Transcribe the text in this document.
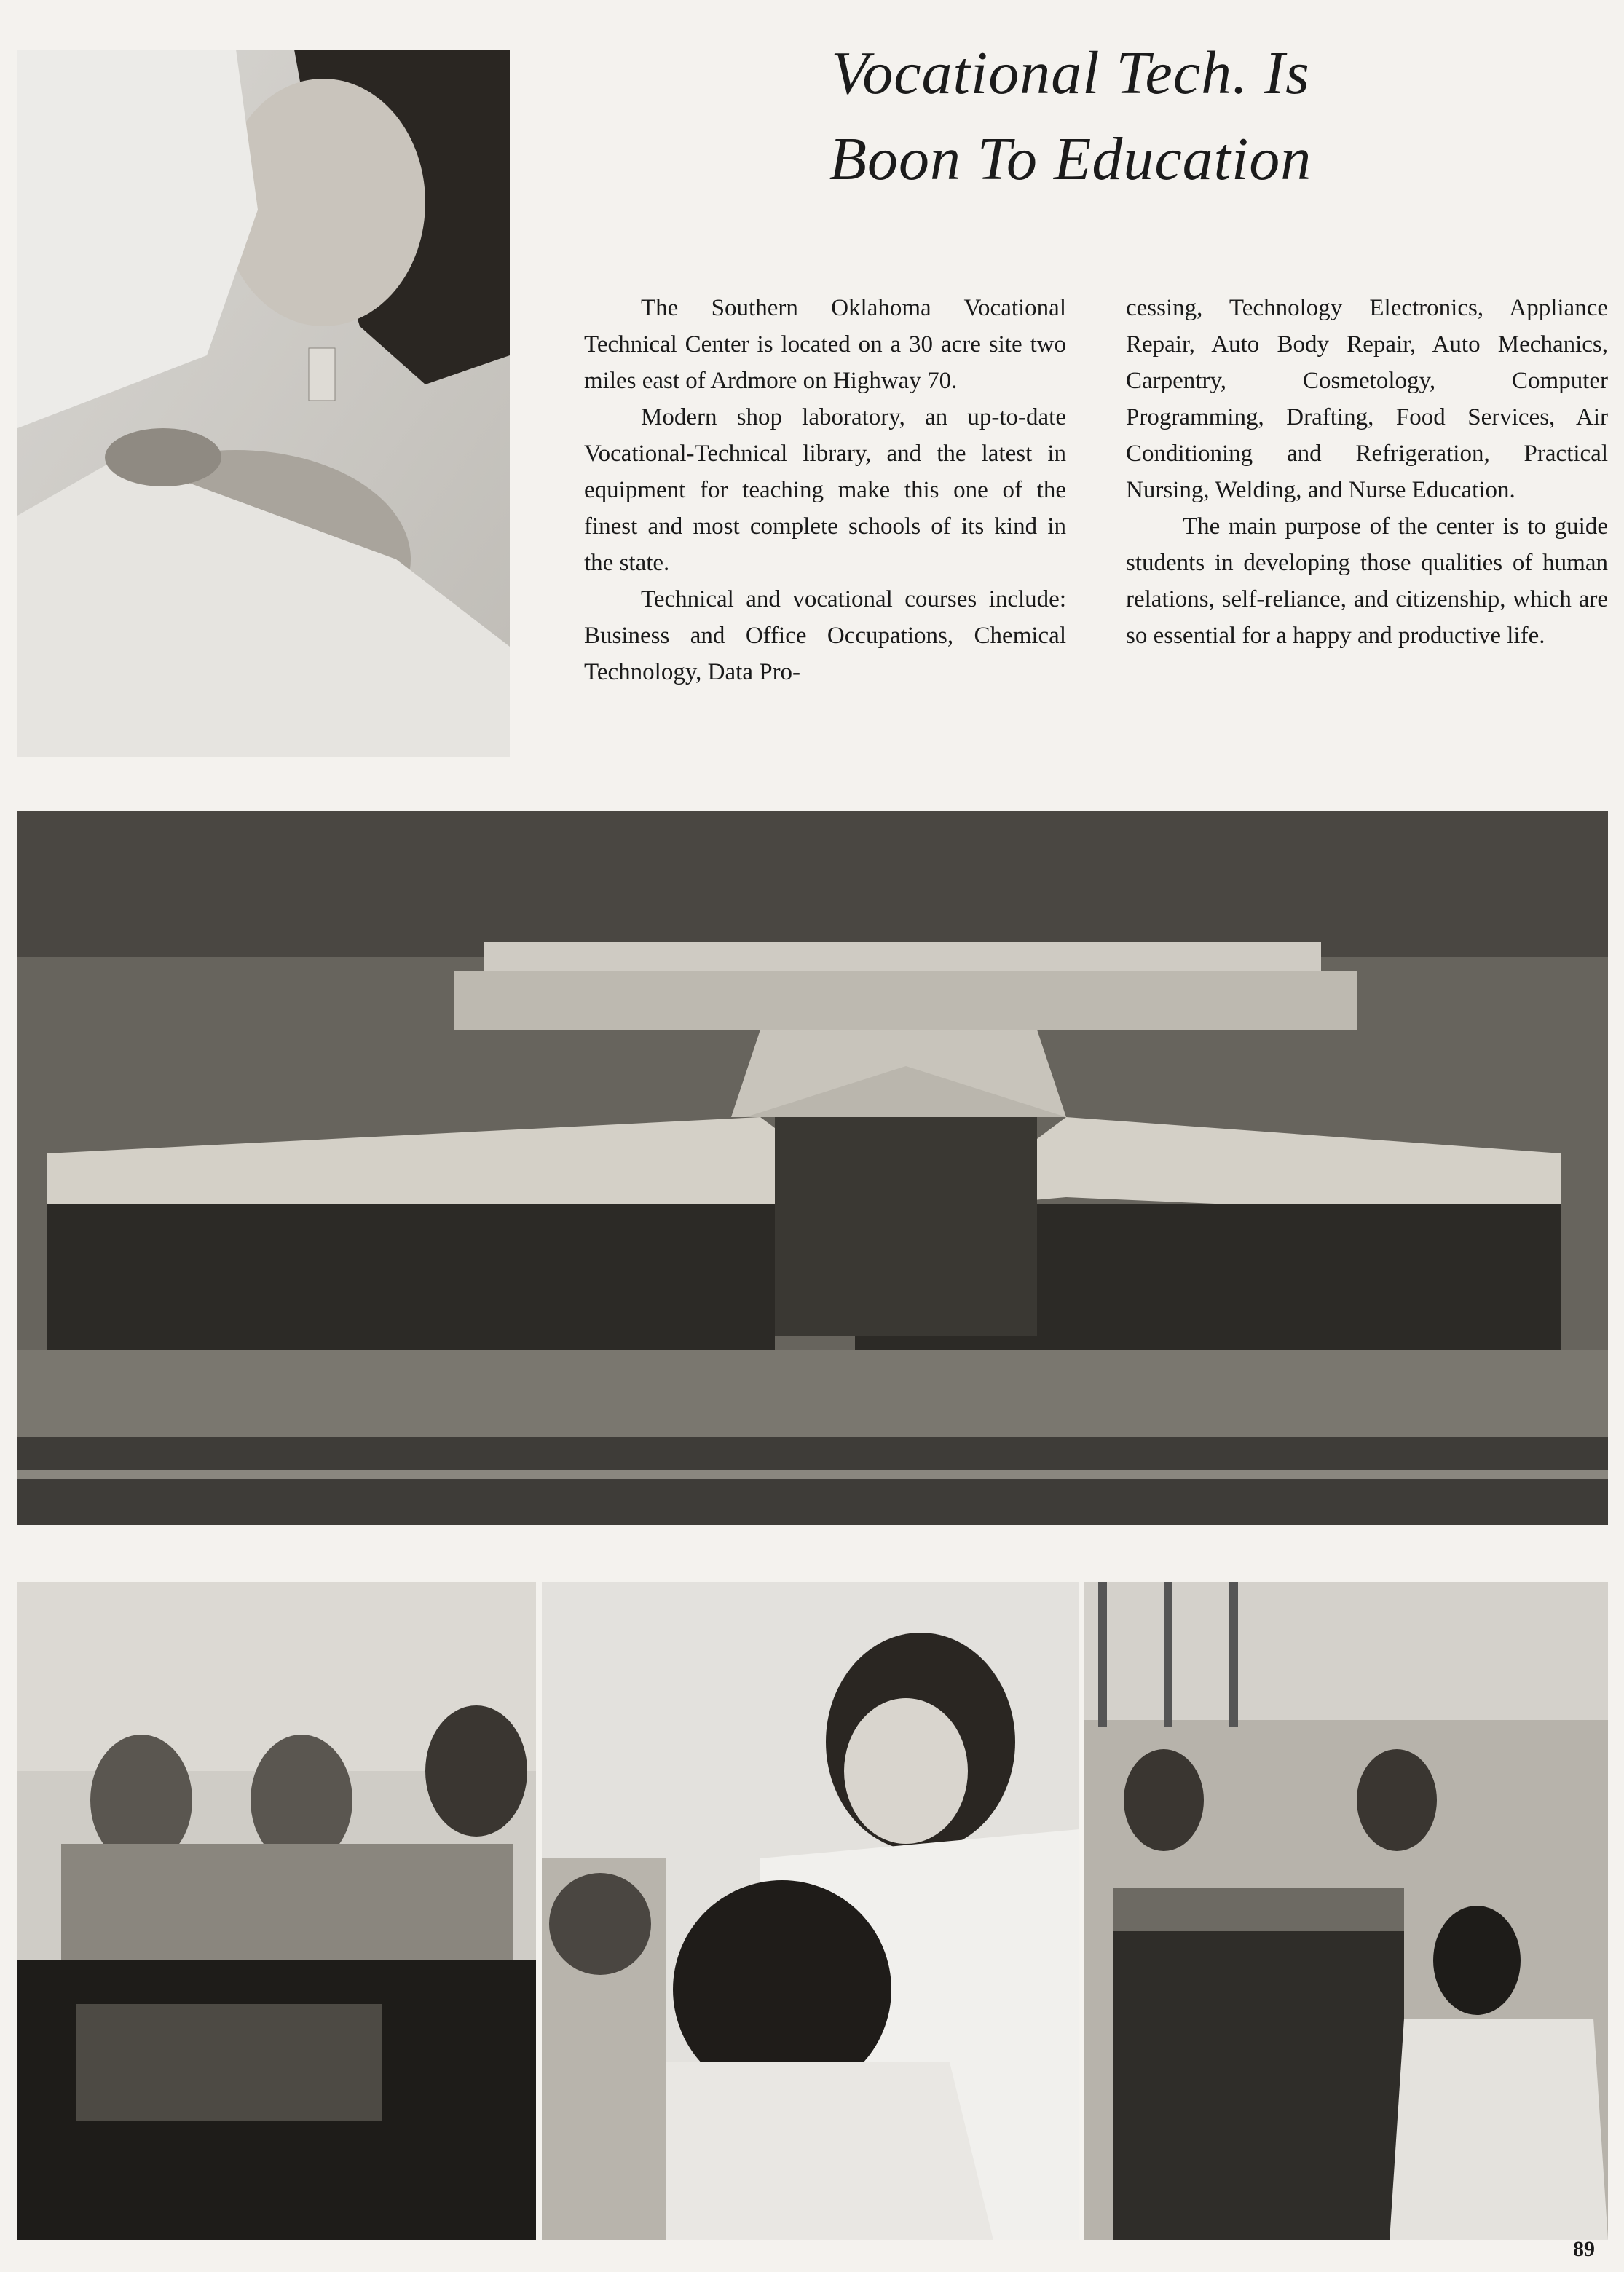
Vocational Tech. Is
Boon To Education

The Southern Oklahoma Vocational Technical Center is located on a 30 acre site two miles east of Ardmore on Highway 70.

Modern shop laboratory, an up-to-date Vocational-Technical library, and the latest in equipment for teaching make this one of the finest and most complete schools of its kind in the state.

Technical and vocational courses include: Business and Office Occupations, Chemical Technology, Data Pro-

cessing, Technology Electronics, Appliance Repair, Auto Body Repair, Auto Mechanics, Carpentry, Cosmetology, Computer Programming, Drafting, Food Services, Air Conditioning and Refrigeration, Practical Nursing, Welding, and Nurse Education.

The main purpose of the center is to guide students in developing those qualities of human relations, self-reliance, and citizenship, which are so essential for a happy and productive life.

89
